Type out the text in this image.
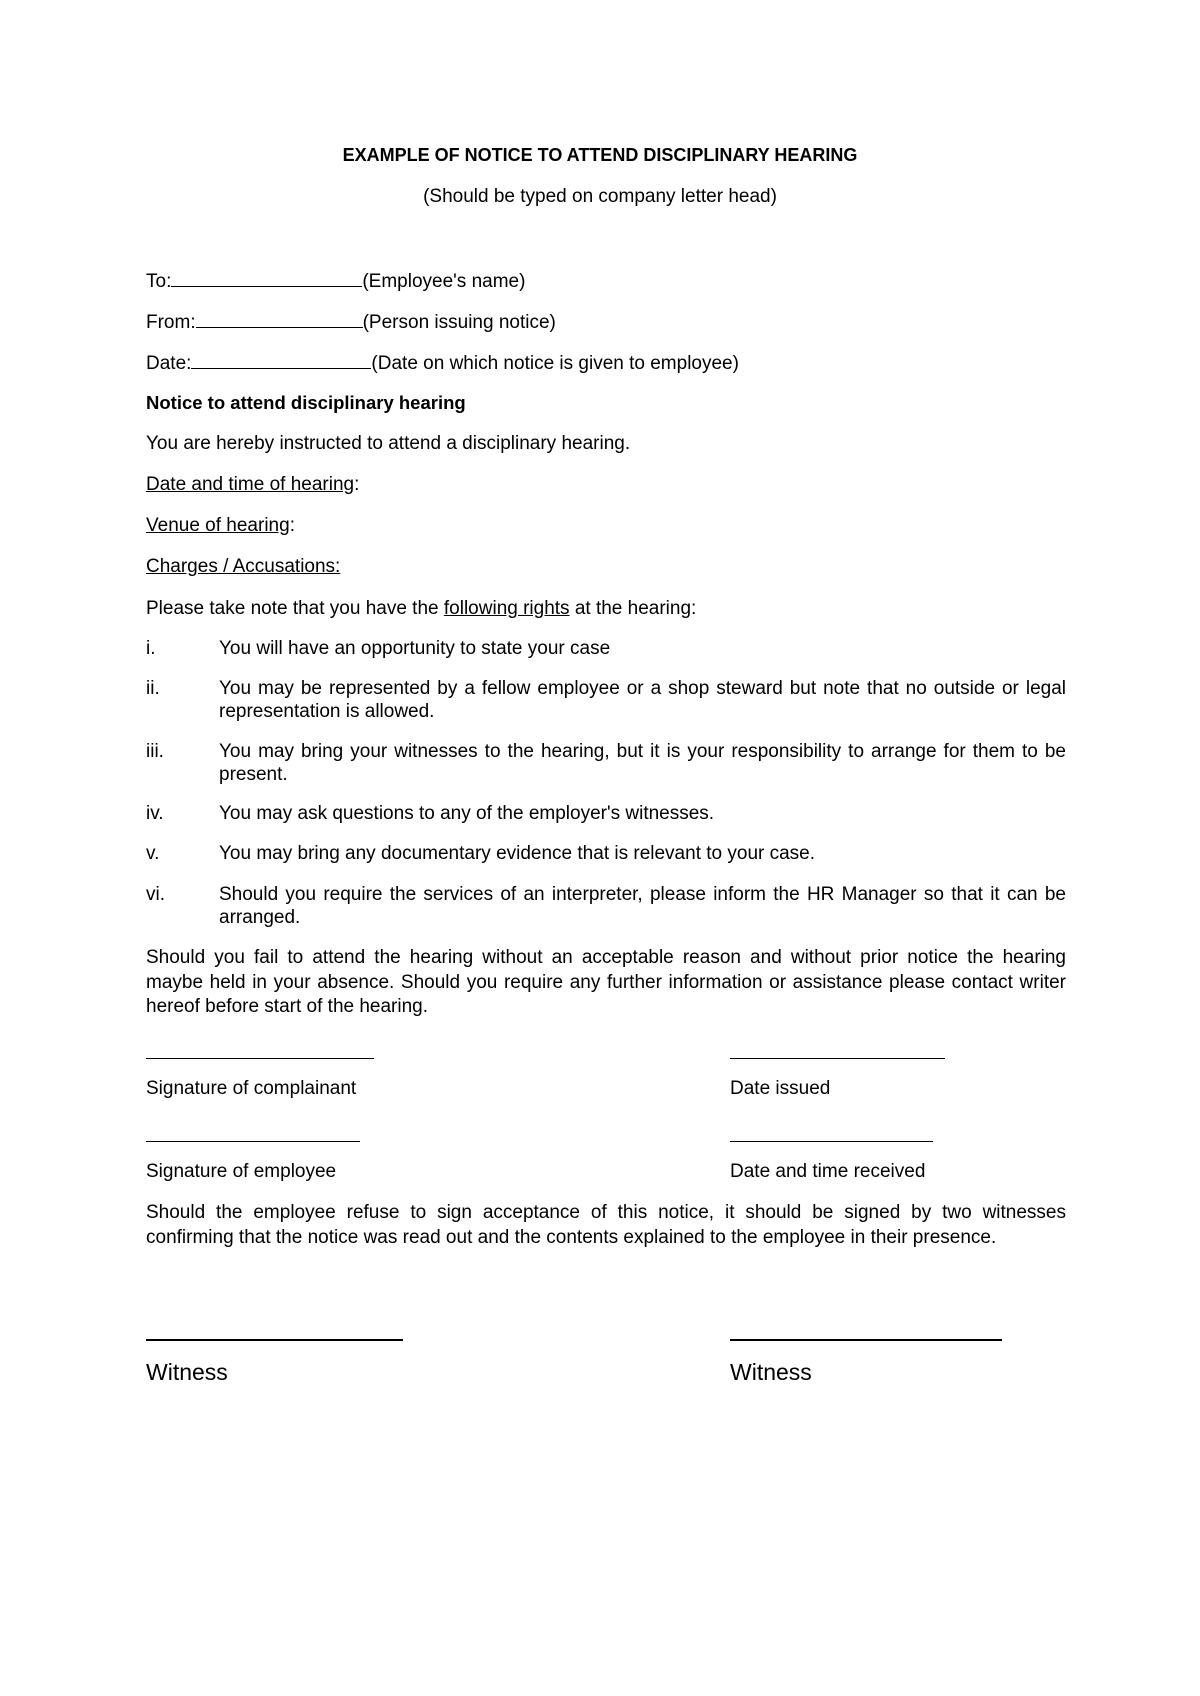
EXAMPLE OF NOTICE TO ATTEND DISCIPLINARY HEARING
(Should be typed on company letter head)
To:	(Employee's name)
From:	(Person issuing notice)
Date:	(Date on which notice is given to employee)
Notice to attend disciplinary hearing
You are hereby instructed to attend a disciplinary hearing.
Date and time of hearing:
Venue of hearing:
Charges / Accusations:
Please take note that you have the following rights at the hearing:
i.	You will have an opportunity to state your case
ii.	You may be represented by a fellow employee or a shop steward but note that no outside or legal representation is allowed.
iii.	You may bring your witnesses to the hearing, but it is your responsibility to arrange for them to be present.
iv.	You may ask questions to any of the employer's witnesses.
v.	You may bring any documentary evidence that is relevant to your case.
vi.	Should you require the services of an interpreter, please inform the HR Manager so that it can be arranged.
Should you fail to attend the hearing without an acceptable reason and without prior notice the hearing maybe held in your absence. Should you require any further information or assistance please contact writer hereof before start of the hearing.
Signature of complainant	Date issued
Signature of employee	Date and time received
Should the employee refuse to sign acceptance of this notice, it should be signed by two witnesses confirming that the notice was read out and the contents explained to the employee in their presence.
Witness	Witness
